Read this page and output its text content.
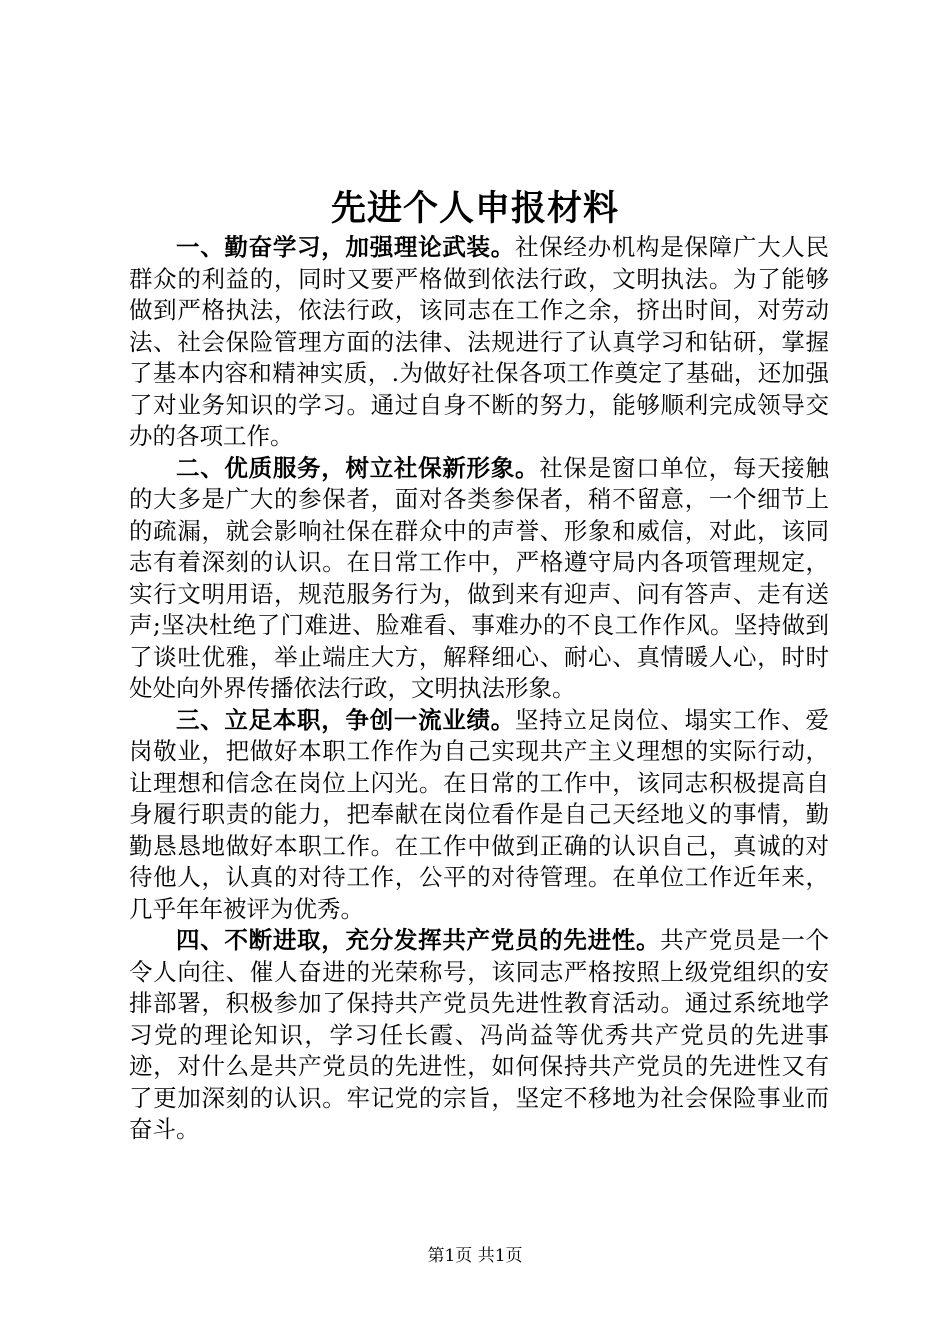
先进个人申报材料

一、勤奋学习，加强理论武装。社保经办机构是保障广大人民群众的利益的，同时又要严格做到依法行政，文明执法。为了能够做到严格执法，依法行政，该同志在工作之余，挤出时间，对劳动法、社会保险管理方面的法律、法规进行了认真学习和钻研，掌握了基本内容和精神实质，.为做好社保各项工作奠定了基础，还加强了对业务知识的学习。通过自身不断的努力，能够顺利完成领导交办的各项工作。

二、优质服务，树立社保新形象。社保是窗口单位，每天接触的大多是广大的参保者，面对各类参保者，稍不留意，一个细节上的疏漏，就会影响社保在群众中的声誉、形象和威信，对此，该同志有着深刻的认识。在日常工作中，严格遵守局内各项管理规定，实行文明用语，规范服务行为，做到来有迎声、问有答声、走有送声;坚决杜绝了门难进、脸难看、事难办的不良工作作风。坚持做到了谈吐优雅，举止端庄大方，解释细心、耐心、真情暖人心，时时处处向外界传播依法行政，文明执法形象。

三、立足本职，争创一流业绩。坚持立足岗位、塌实工作、爱岗敬业，把做好本职工作作为自己实现共产主义理想的实际行动，让理想和信念在岗位上闪光。在日常的工作中，该同志积极提高自身履行职责的能力，把奉献在岗位看作是自己天经地义的事情，勤勤恳恳地做好本职工作。在工作中做到正确的认识自己，真诚的对待他人，认真的对待工作，公平的对待管理。在单位工作近年来，几乎年年被评为优秀。

四、不断进取，充分发挥共产党员的先进性。共产党员是一个令人向往、催人奋进的光荣称号，该同志严格按照上级党组织的安排部署，积极参加了保持共产党员先进性教育活动。通过系统地学习党的理论知识，学习任长霞、冯尚益等优秀共产党员的先进事迹，对什么是共产党员的先进性，如何保持共产党员的先进性又有了更加深刻的认识。牢记党的宗旨，坚定不移地为社会保险事业而奋斗。

第1页 共1页
